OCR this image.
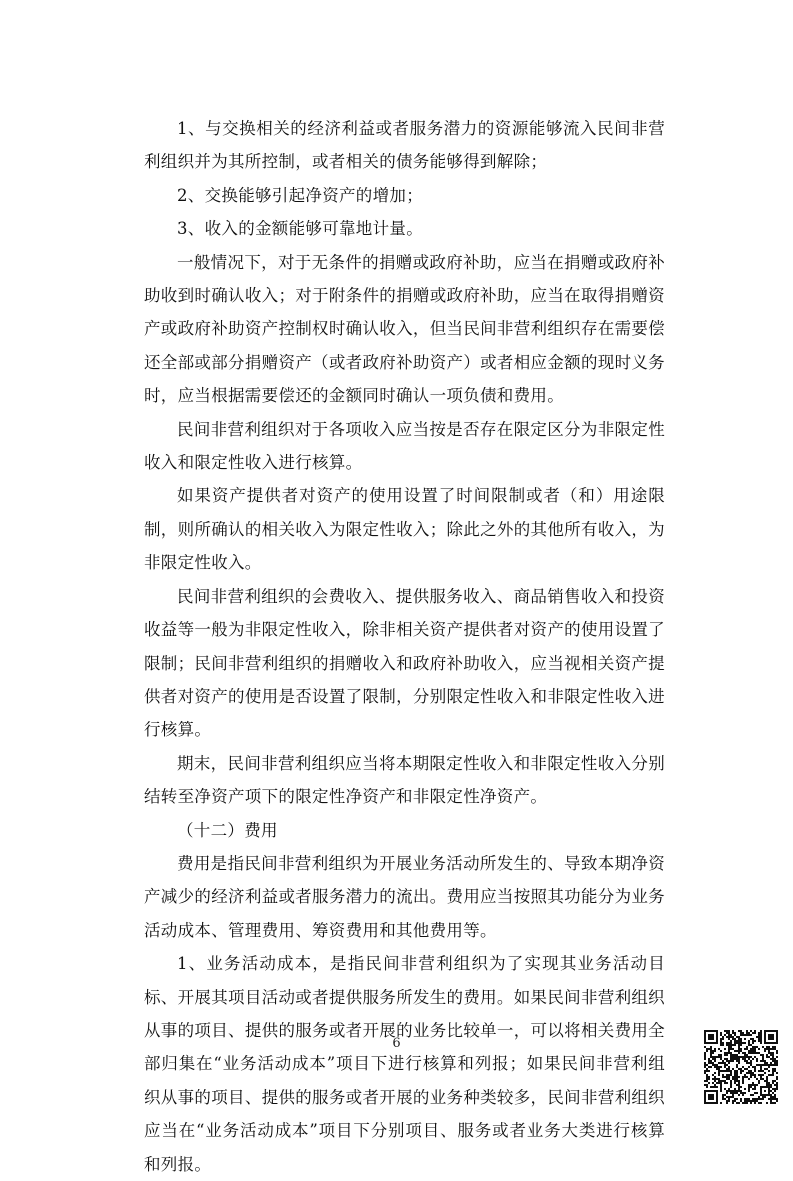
1、与交换相关的经济利益或者服务潜力的资源能够流入民间非营利组织并为其所控制，或者相关的债务能够得到解除；

2、交换能够引起净资产的增加；

3、收入的金额能够可靠地计量。

一般情况下，对于无条件的捐赠或政府补助，应当在捐赠或政府补助收到时确认收入；对于附条件的捐赠或政府补助，应当在取得捐赠资产或政府补助资产控制权时确认收入，但当民间非营利组织存在需要偿还全部或部分捐赠资产（或者政府补助资产）或者相应金额的现时义务时，应当根据需要偿还的金额同时确认一项负债和费用。

民间非营利组织对于各项收入应当按是否存在限定区分为非限定性收入和限定性收入进行核算。

如果资产提供者对资产的使用设置了时间限制或者（和）用途限制，则所确认的相关收入为限定性收入；除此之外的其他所有收入，为非限定性收入。

民间非营利组织的会费收入、提供服务收入、商品销售收入和投资收益等一般为非限定性收入，除非相关资产提供者对资产的使用设置了限制；民间非营利组织的捐赠收入和政府补助收入，应当视相关资产提供者对资产的使用是否设置了限制，分别限定性收入和非限定性收入进行核算。

期末，民间非营利组织应当将本期限定性收入和非限定性收入分别结转至净资产项下的限定性净资产和非限定性净资产。

（十二）费用

费用是指民间非营利组织为开展业务活动所发生的、导致本期净资产减少的经济利益或者服务潜力的流出。费用应当按照其功能分为业务活动成本、管理费用、筹资费用和其他费用等。

1、业务活动成本，是指民间非营利组织为了实现其业务活动目标、开展其项目活动或者提供服务所发生的费用。如果民间非营利组织从事的项目、提供的服务或者开展的业务比较单一，可以将相关费用全部归集在“业务活动成本”项目下进行核算和列报；如果民间非营利组织从事的项目、提供的服务或者开展的业务种类较多，民间非营利组织应当在“业务活动成本”项目下分别项目、服务或者业务大类进行核算和列报。

6
